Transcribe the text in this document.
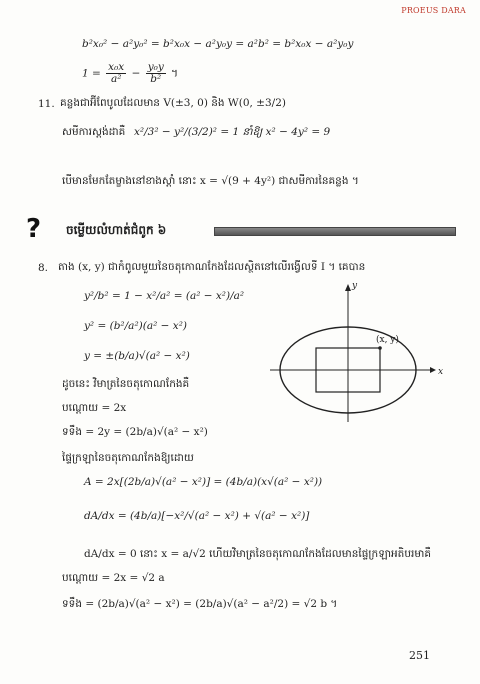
PROEUS DARA
b²x₀² − a²y₀² = b²x₀x − a²y₀y = a²b² = b²x₀x − a²y₀y
$1 = \frac{\text{x₀x}}{\text{a²}} - \frac{\text{y₀y}}{\text{b²}}$ ។
11. គន្លងជាអ៊ីពែបូលដែលមាន V(±3, 0) និង W(0, ±3/2)
សមីការស្តង់ដាគឺ x²/3² − y²/(3/2)² = 1 នាំឱ្យ x² − 4y² = 9
បើមានមែកតែម្ខាងនៅខាងស្តាំ នោះ x = √(9 + 4y²) ជាសមីការនៃគន្លង ។
? ចម្លើយលំហាត់ជំពូក ៦
8. តាង (x, y) ជាកំពូលមួយនៃចតុកោណកែងដែលស្ថិតនៅលើរង្វើលទី I ។ គេបាន
y²/b² = 1 − x²/a² = (a² − x²)/a²
y² = (b²/a²)(a² − x²)
y = ±(b/a)√(a² − x²)
ដូចនេះ វិមាត្រនៃចតុកោណកែងគឺ
បណ្តោយ = 2x
ទទឹង = 2y = (2b/a)√(a² − x²)
ផ្ទៃក្រឡានៃចតុកោណកែងឱ្យដោយ
A = 2x[(2b/a)√(a² − x²)] = (4b/a)(x√(a² − x²))
dA/dx = (4b/a)[−x²/√(a² − x²) + √(a² − x²)]
dA/dx = 0 នោះ x = a/√2 ហើយវិមាត្រនៃចតុកោណកែងដែលមានផ្ទៃក្រឡាអតិបរមាគឺ
បណ្តោយ = 2x = √2 a
ទទឹង = (2b/a)√(a² − x²) = (2b/a)√(a² − a²/2) = √2 b ។
x
y
(x, y)
251
